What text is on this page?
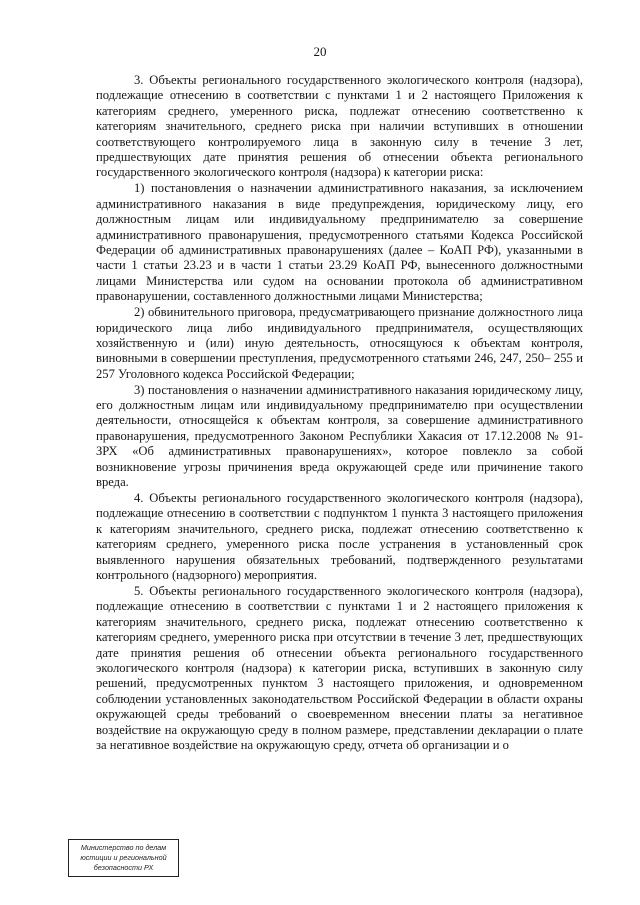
20

3. Объекты регионального государственного экологического контроля (надзора), подлежащие отнесению в соответствии с пунктами 1 и 2 настоящего Приложения к категориям среднего, умеренного риска, подлежат отнесению соответственно к категориям значительного, среднего риска при наличии вступивших в отношении соответствующего контролируемого лица в законную силу в течение 3 лет, предшествующих дате принятия решения об отнесении объекта регионального государственного экологического контроля (надзора) к категории риска:

1) постановления о назначении административного наказания, за исключением административного наказания в виде предупреждения, юридическому лицу, его должностным лицам или индивидуальному предпринимателю за совершение административного правонарушения, предусмотренного статьями Кодекса Российской Федерации об административных правонарушениях (далее – КоАП РФ), указанными в части 1 статьи 23.23 и в части 1 статьи 23.29 КоАП РФ, вынесенного должностными лицами Министерства или судом на основании протокола об административном правонарушении, составленного должностными лицами Министерства;

2) обвинительного приговора, предусматривающего признание должностного лица юридического лица либо индивидуального предпринимателя, осуществляющих хозяйственную и (или) иную деятельность, относящуюся к объектам контроля, виновными в совершении преступления, предусмотренного статьями 246, 247, 250– 255 и 257 Уголовного кодекса Российской Федерации;

3) постановления о назначении административного наказания юридическому лицу, его должностным лицам или индивидуальному предпринимателю при осуществлении деятельности, относящейся к объектам контроля, за совершение административного правонарушения, предусмотренного Законом Республики Хакасия от 17.12.2008 № 91-ЗРХ «Об административных правонарушениях», которое повлекло за собой возникновение угрозы причинения вреда окружающей среде или причинение такого вреда.

4. Объекты регионального государственного экологического контроля (надзора), подлежащие отнесению в соответствии с подпунктом 1 пункта 3 настоящего приложения к категориям значительного, среднего риска, подлежат отнесению соответственно к категориям среднего, умеренного риска после устранения в установленный срок выявленного нарушения обязательных требований, подтвержденного результатами контрольного (надзорного) мероприятия.

5. Объекты регионального государственного экологического контроля (надзора), подлежащие отнесению в соответствии с пунктами 1 и 2 настоящего приложения к категориям значительного, среднего риска, подлежат отнесению соответственно к категориям среднего, умеренного риска при отсутствии в течение 3 лет, предшествующих дате принятия решения об отнесении объекта регионального государственного экологического контроля (надзора) к категории риска, вступивших в законную силу решений, предусмотренных пунктом 3 настоящего приложения, и одновременном соблюдении установленных законодательством Российской Федерации в области охраны окружающей среды требований о своевременном внесении платы за негативное воздействие на окружающую среду в полном размере, представлении декларации о плате за негативное воздействие на окружающую среду, отчета об организации и о

Министерство по делам
юстиции и региональной
безопасности РХ
